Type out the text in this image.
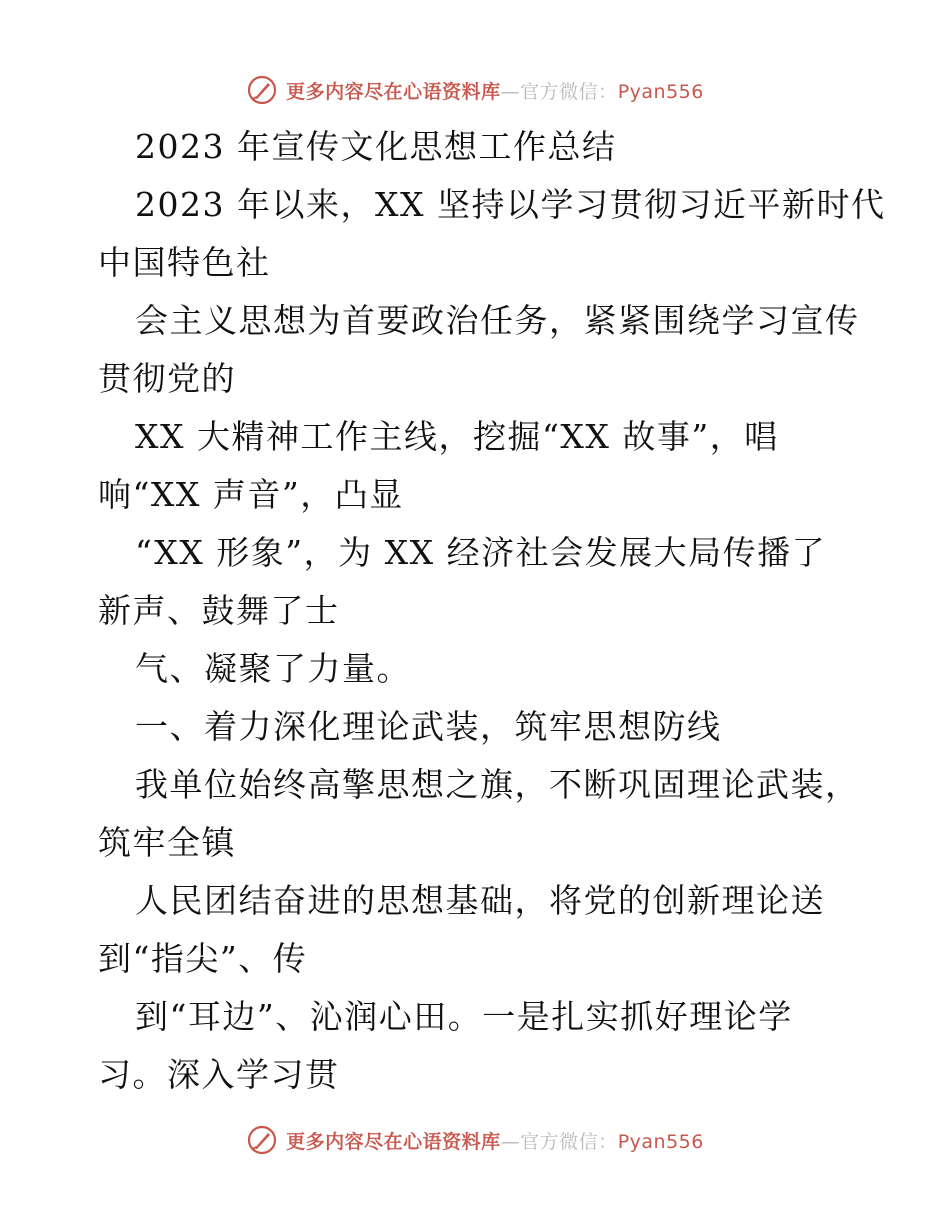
更多内容尽在心语资料库—官方微信：Pyan556
2023 年宣传文化思想工作总结
2023 年以来，XX 坚持以学习贯彻习近平新时代
中国特色社
会主义思想为首要政治任务，紧紧围绕学习宣传
贯彻党的
XX 大精神工作主线，挖掘“XX 故事”，唱
响“XX 声音”，凸显
“XX 形象”，为 XX 经济社会发展大局传播了
新声、鼓舞了士
气、凝聚了力量。
一、着力深化理论武装，筑牢思想防线
我单位始终高擎思想之旗，不断巩固理论武装，
筑牢全镇
人民团结奋进的思想基础，将党的创新理论送
到“指尖”、传
到“耳边”、沁润心田。一是扎实抓好理论学
习。深入学习贯
更多内容尽在心语资料库—官方微信：Pyan556
